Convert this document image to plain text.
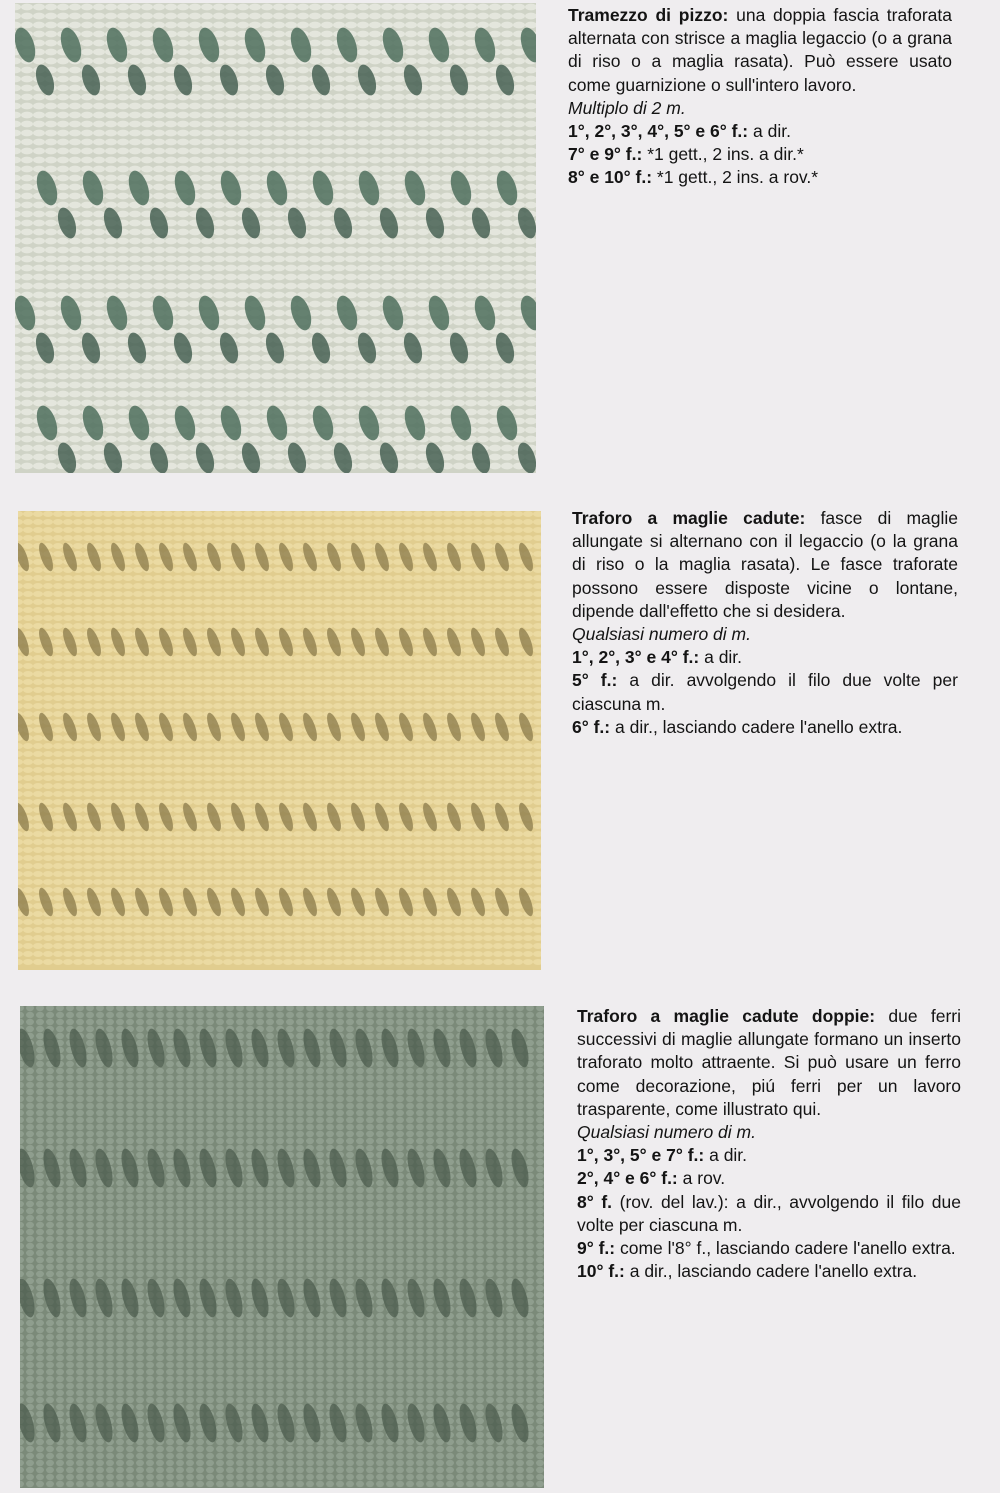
Tramezzo di pizzo: una doppia fascia traforata alternata con strisce a maglia legaccio (o a grana di riso o a maglia rasata). Può essere usato come guarnizione o sull'intero lavoro.

Multiplo di 2 m.

1°, 2°, 3°, 4°, 5° e 6° f.: a dir.

7° e 9° f.: *1 gett., 2 ins. a dir.*

8° e 10° f.: *1 gett., 2 ins. a rov.*

Traforo a maglie cadute: fasce di maglie allungate si alternano con il legaccio (o la grana di riso o la maglia rasata). Le fasce traforate possono essere disposte vicine o lontane, dipende dall'effetto che si desidera.

Qualsiasi numero di m.

1°, 2°, 3° e 4° f.: a dir.

5° f.: a dir. avvolgendo il filo due volte per ciascuna m.

6° f.: a dir., lasciando cadere l'anello extra.

Traforo a maglie cadute doppie: due ferri successivi di maglie allungate formano un inserto traforato molto attraente. Si può usare un ferro come decorazione, piú ferri per un lavoro trasparente, come illustrato qui.

Qualsiasi numero di m.

1°, 3°, 5° e 7° f.: a dir.

2°, 4° e 6° f.: a rov.

8° f. (rov. del lav.): a dir., avvolgendo il filo due volte per ciascuna m.

9° f.: come l'8° f., lasciando cadere l'anello extra.

10° f.: a dir., lasciando cadere l'anello extra.
